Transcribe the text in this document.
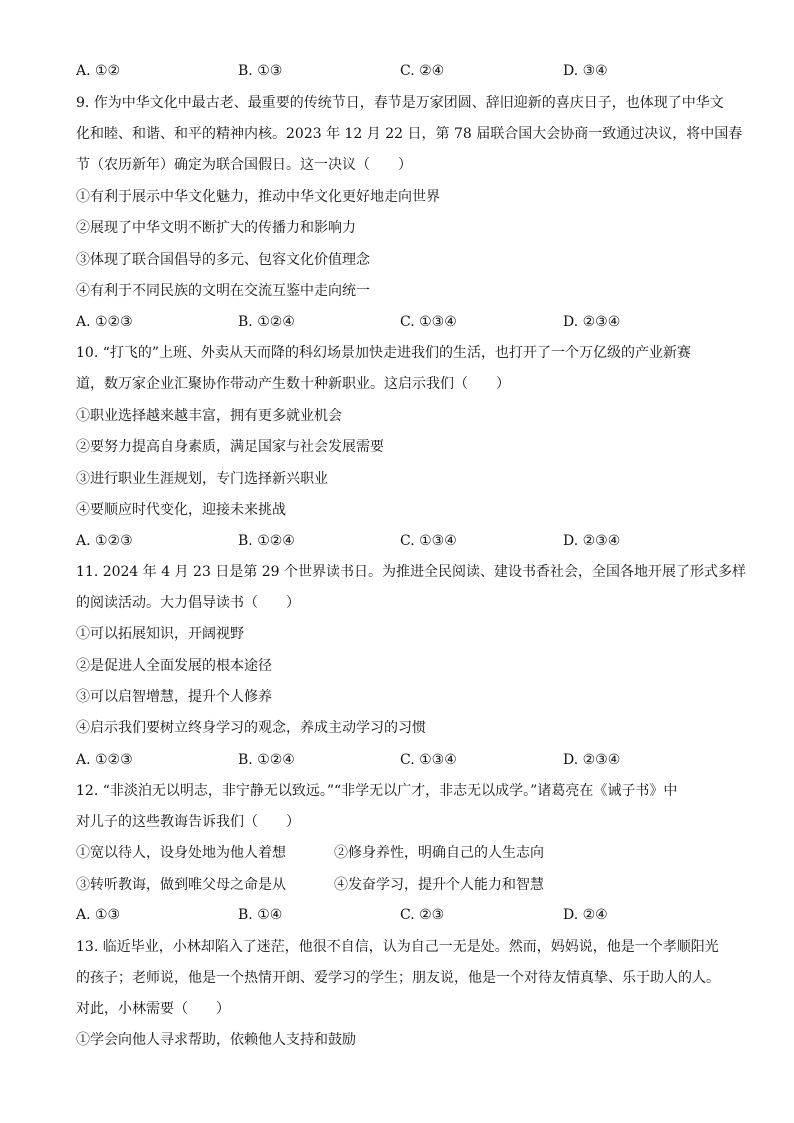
A. ①②	B. ①③	C. ②④	D. ③④
9. 作为中华文化中最古老、最重要的传统节日，春节是万家团圆、辞旧迎新的喜庆日子，也体现了中华文
化和睦、和谐、和平的精神内核。2023 年 12 月 22 日，第 78 届联合国大会协商一致通过决议，将中国春
节（农历新年）确定为联合国假日。这一决议（　　）
①有利于展示中华文化魅力，推动中华文化更好地走向世界
②展现了中华文明不断扩大的传播力和影响力
③体现了联合国倡导的多元、包容文化价值理念
④有利于不同民族的文明在交流互鉴中走向统一
A. ①②③	B. ①②④	C. ①③④	D. ②③④
10. “打飞的”上班、外卖从天而降的科幻场景加快走进我们的生活，也打开了一个万亿级的产业新赛
道，数万家企业汇聚协作带动产生数十种新职业。这启示我们（　　）
①职业选择越来越丰富，拥有更多就业机会
②要努力提高自身素质，满足国家与社会发展需要
③进行职业生涯规划，专门选择新兴职业
④要顺应时代变化，迎接未来挑战
A. ①②③	B. ①②④	C. ①③④	D. ②③④
11. 2024 年 4 月 23 日是第 29 个世界读书日。为推进全民阅读、建设书香社会，全国各地开展了形式多样
的阅读活动。大力倡导读书（　　）
①可以拓展知识，开阔视野
②是促进人全面发展的根本途径
③可以启智增慧，提升个人修养
④启示我们要树立终身学习的观念，养成主动学习的习惯
A. ①②③	B. ①②④	C. ①③④	D. ②③④
12. “非淡泊无以明志，非宁静无以致远。”“非学无以广才，非志无以成学。”诸葛亮在《诫子书》中
对儿子的这些教诲告诉我们（　　）
①宽以待人，设身处地为他人着想	②修身养性，明确自己的人生志向
③转听教诲，做到唯父母之命是从	④发奋学习，提升个人能力和智慧
A. ①③	B. ①④	C. ②③	D. ②④
13. 临近毕业，小林却陷入了迷茫，他很不自信，认为自己一无是处。然而，妈妈说，他是一个孝顺阳光
的孩子；老师说，他是一个热情开朗、爱学习的学生；朋友说，他是一个对待友情真挚、乐于助人的人。
对此，小林需要（　　）
①学会向他人寻求帮助，依赖他人支持和鼓励
